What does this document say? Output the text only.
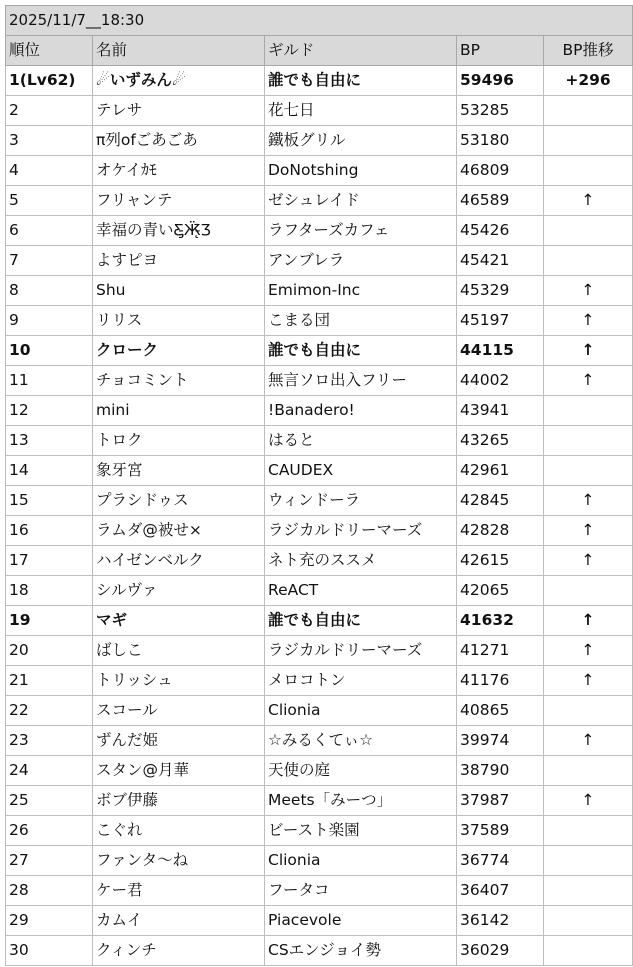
2025/11/7__18:30				
順位	名前	ギルド	BP	BP推移
1(Lv62)	☄いずみん☄	誰でも自由に	59496	+296
2	テレサ	花七日	53285	
3	π列ofごあごあ	鐵板グリル	53180	
4	オケイｶﾓ	DoNotshing	46809	
5	フリャンテ	ゼシュレイド	46589	↑
6	幸福の青いƸ̵̡Ӝ̵̨̄Ʒ	ラフターズカフェ	45426	
7	よすピヨ	アンブレラ	45421	
8	Shu	Emimon-Inc	45329	↑
9	リリス	こまる団	45197	↑
10	クローク	誰でも自由に	44115	↑
11	チョコミント	無言ソロ出入フリー	44002	↑
12	mini	!Banadero!	43941	
13	トロク	はると	43265	
14	象牙宮	CAUDEX	42961	
15	プラシドゥス	ウィンドーラ	42845	↑
16	ラムダ@被せ×	ラジカルドリーマーズ	42828	↑
17	ハイゼンベルク	ネト充のススメ	42615	↑
18	シルヴァ	ReACT	42065	
19	マギ	誰でも自由に	41632	↑
20	ばしこ	ラジカルドリーマーズ	41271	↑
21	トリッシュ	メロコトン	41176	↑
22	スコール	Clionia	40865	
23	ずんだ姫	☆みるくてぃ☆	39974	↑
24	スタン@月華	天使の庭	38790	
25	ボブ伊藤	Meets「みーつ」	37987	↑
26	こぐれ	ビースト楽園	37589	
27	ファンタ〜ね	Clionia	36774	
28	ケー君	フータコ	36407	
29	カムイ	Piacevole	36142	
30	クィンチ	CSエンジョイ勢	36029	
